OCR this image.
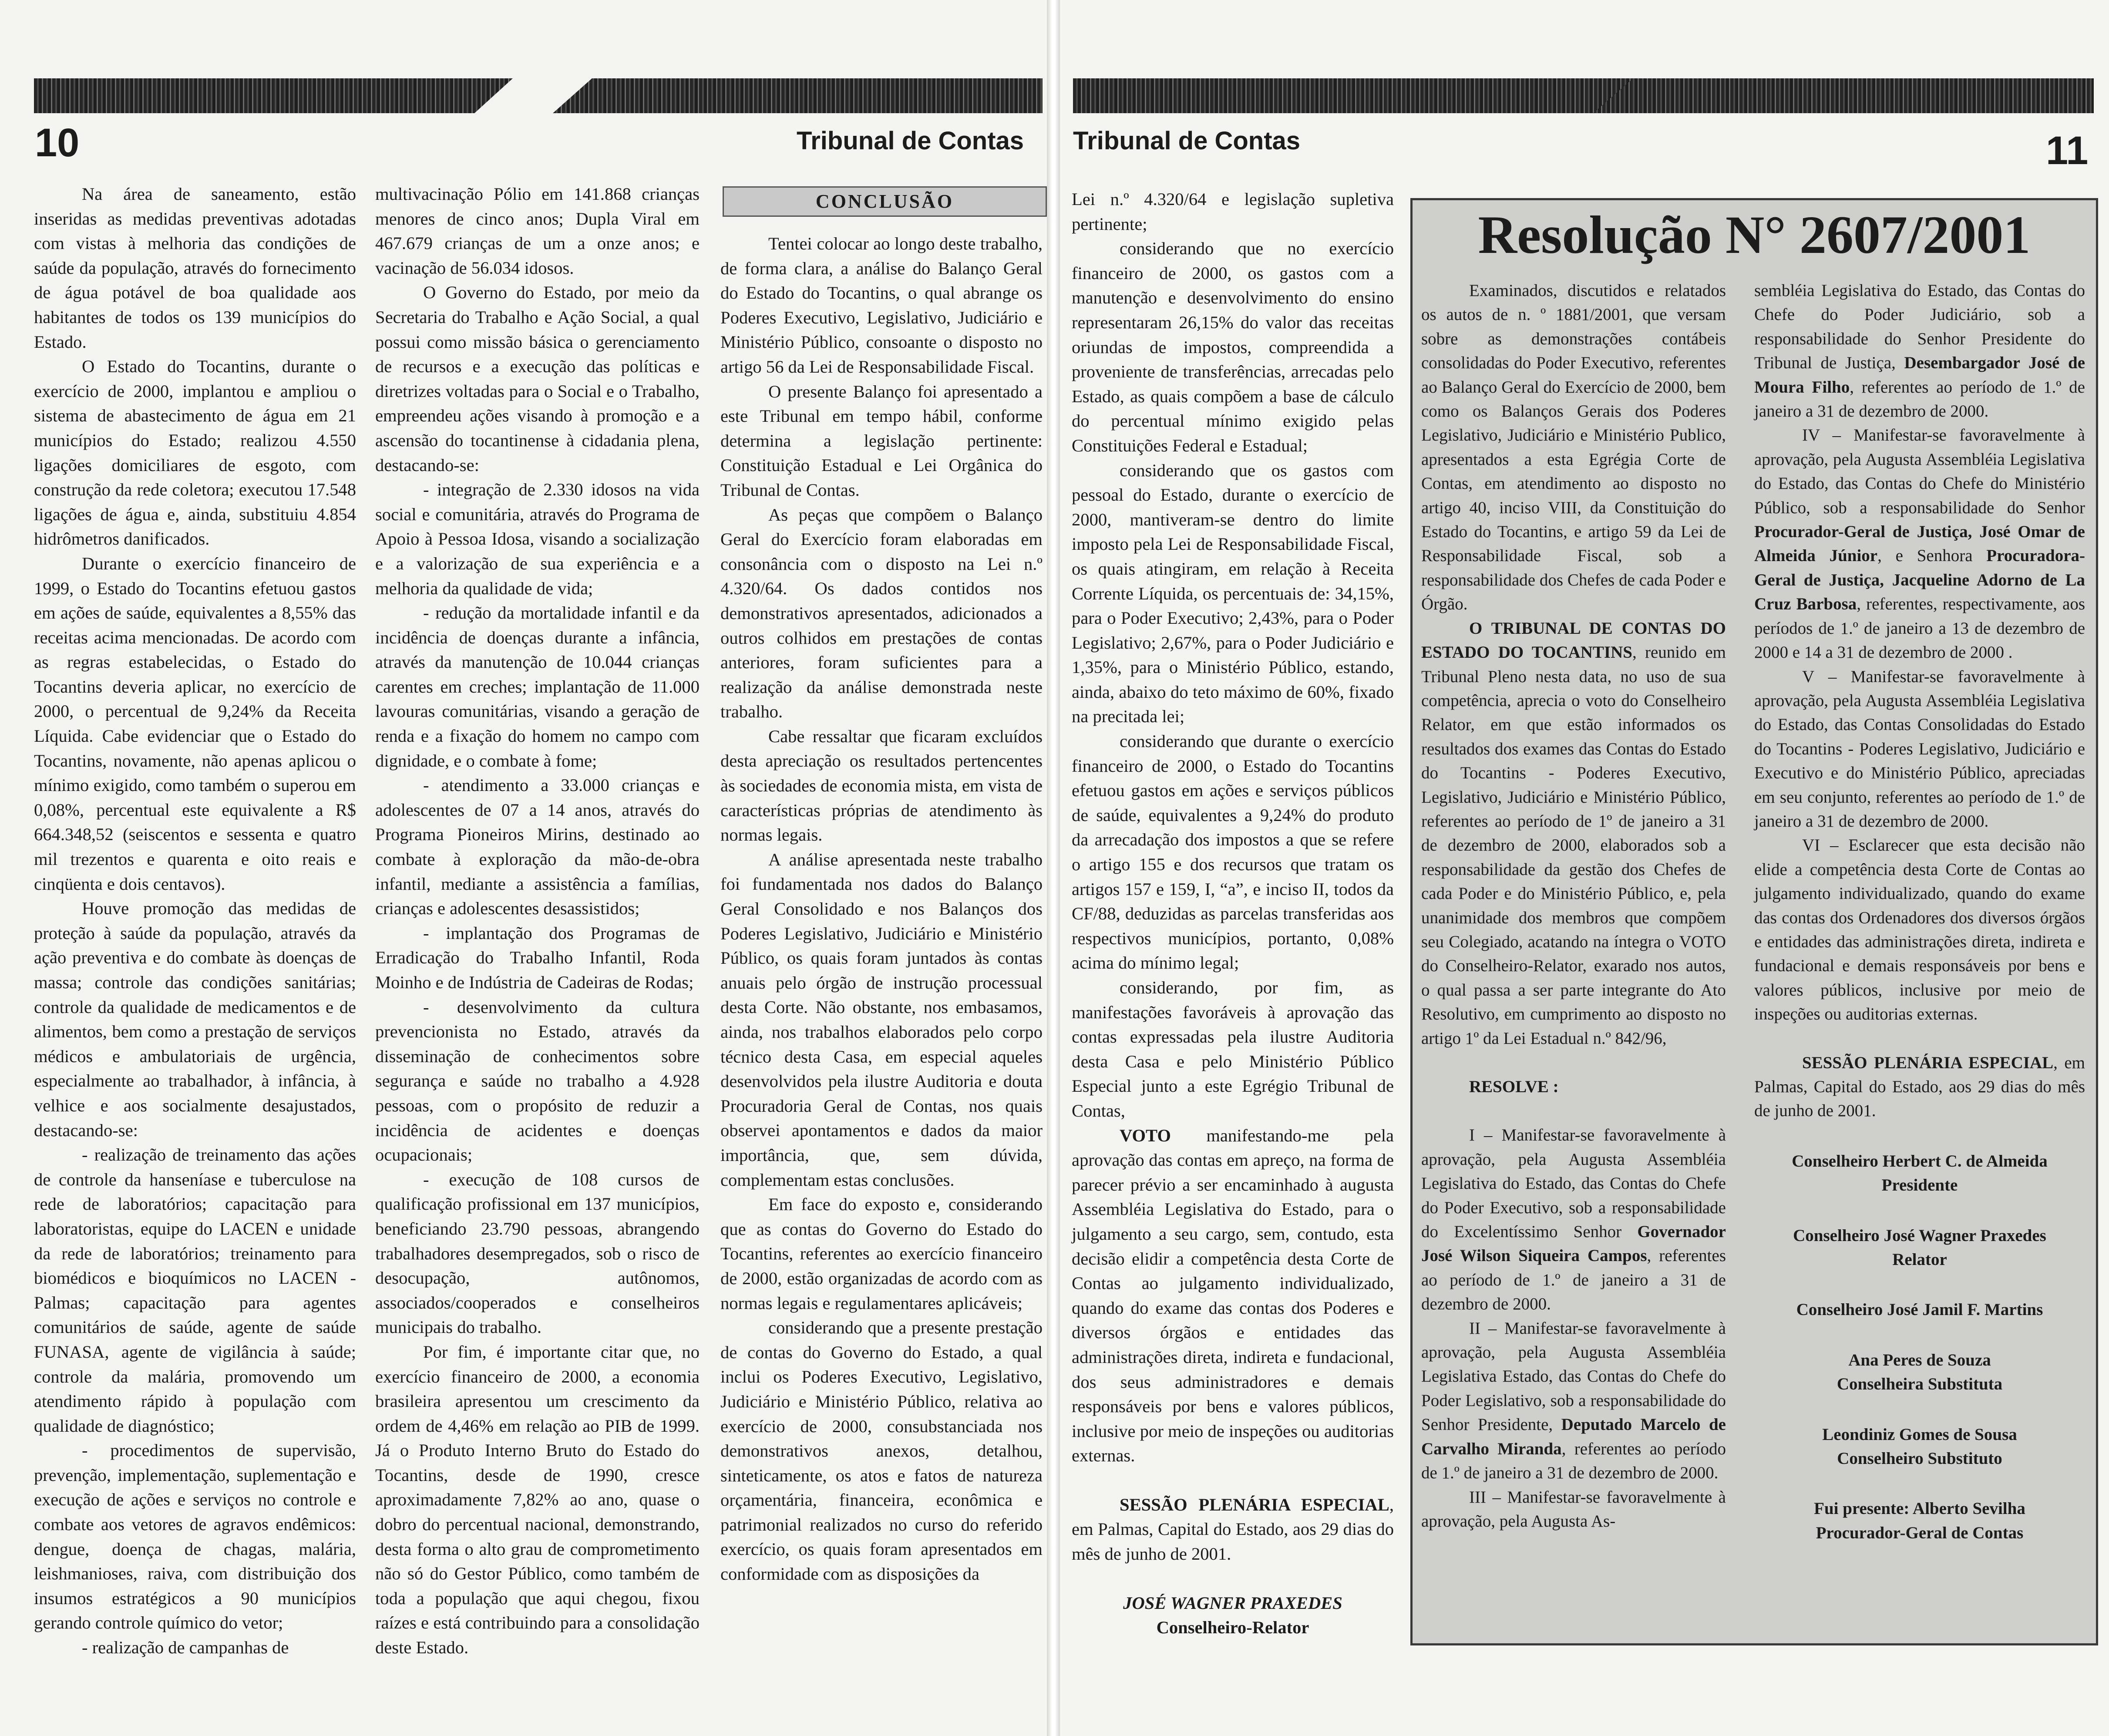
10	Tribunal de Contas

Na área de saneamento, estão inseridas as medidas preventivas adotadas com vistas à melhoria das condições de saúde da população, através do fornecimento de água potável de boa qualidade aos habitantes de todos os 139 municípios do Estado.

O Estado do Tocantins, durante o exercício de 2000, implantou e ampliou o sistema de abastecimento de água em 21 municípios do Estado; realizou 4.550 ligações domiciliares de esgoto, com construção da rede coletora; executou 17.548 ligações de água e, ainda, substituiu 4.854 hidrômetros danificados.

Durante o exercício financeiro de 1999, o Estado do Tocantins efetuou gastos em ações de saúde, equivalentes a 8,55% das receitas acima mencionadas. De acordo com as regras estabelecidas, o Estado do Tocantins deveria aplicar, no exercício de 2000, o percentual de 9,24% da Receita Líquida. Cabe evidenciar que o Estado do Tocantins, novamente, não apenas aplicou o mínimo exigido, como também o superou em 0,08%, percentual este equivalente a R$ 664.348,52 (seiscentos e sessenta e quatro mil trezentos e quarenta e oito reais e cinqüenta e dois centavos).

Houve promoção das medidas de proteção à saúde da população, através da ação preventiva e do combate às doenças de massa; controle das condições sanitárias; controle da qualidade de medicamentos e de alimentos, bem como a prestação de serviços médicos e ambulatoriais de urgência, especialmente ao trabalhador, à infância, à velhice e aos socialmente desajustados, destacando-se:

- realização de treinamento das ações de controle da hanseníase e tuberculose na rede de laboratórios; capacitação para laboratoristas, equipe do LACEN e unidade da rede de laboratórios; treinamento para biomédicos e bioquímicos no LACEN - Palmas; capacitação para agentes comunitários de saúde, agente de saúde FUNASA, agente de vigilância à saúde; controle da malária, promovendo um atendimento rápido à população com qualidade de diagnóstico;

- procedimentos de supervisão, prevenção, implementação, suplementação e execução de ações e serviços no controle e combate aos vetores de agravos endêmicos: dengue, doença de chagas, malária, leishmanioses, raiva, com distribuição dos insumos estratégicos a 90 municípios gerando controle químico do vetor;

- realização de campanhas de

multivacinação Pólio em 141.868 crianças menores de cinco anos; Dupla Viral em 467.679 crianças de um a onze anos; e vacinação de 56.034 idosos.

O Governo do Estado, por meio da Secretaria do Trabalho e Ação Social, a qual possui como missão básica o gerenciamento de recursos e a execução das políticas e diretrizes voltadas para o Social e o Trabalho, empreendeu ações visando à promoção e a ascensão do tocantinense à cidadania plena, destacando-se:

- integração de 2.330 idosos na vida social e comunitária, através do Programa de Apoio à Pessoa Idosa, visando a socialização e a valorização de sua experiência e a melhoria da qualidade de vida;

- redução da mortalidade infantil e da incidência de doenças durante a infância, através da manutenção de 10.044 crianças carentes em creches; implantação de 11.000 lavouras comunitárias, visando a geração de renda e a fixação do homem no campo com dignidade, e o combate à fome;

- atendimento a 33.000 crianças e adolescentes de 07 a 14 anos, através do Programa Pioneiros Mirins, destinado ao combate à exploração da mão-de-obra infantil, mediante a assistência a famílias, crianças e adolescentes desassistidos;

- implantação dos Programas de Erradicação do Trabalho Infantil, Roda Moinho e de Indústria de Cadeiras de Rodas;

- desenvolvimento da cultura prevencionista no Estado, através da disseminação de conhecimentos sobre segurança e saúde no trabalho a 4.928 pessoas, com o propósito de reduzir a incidência de acidentes e doenças ocupacionais;

- execução de 108 cursos de qualificação profissional em 137 municípios, beneficiando 23.790 pessoas, abrangendo trabalhadores desempregados, sob o risco de desocupação, autônomos, associados/cooperados e conselheiros municipais do trabalho.

Por fim, é importante citar que, no exercício financeiro de 2000, a economia brasileira apresentou um crescimento da ordem de 4,46% em relação ao PIB de 1999. Já o Produto Interno Bruto do Estado do Tocantins, desde de 1990, cresce aproximadamente 7,82% ao ano, quase o dobro do percentual nacional, demonstrando, desta forma o alto grau de comprometimento não só do Gestor Público, como também de toda a população que aqui chegou, fixou raízes e está contribuindo para a consolidação deste Estado.

CONCLUSÃO

Tentei colocar ao longo deste trabalho, de forma clara, a análise do Balanço Geral do Estado do Tocantins, o qual abrange os Poderes Executivo, Legislativo, Judiciário e Ministério Público, consoante o disposto no artigo 56 da Lei de Responsabilidade Fiscal.

O presente Balanço foi apresentado a este Tribunal em tempo hábil, conforme determina a legislação pertinente: Constituição Estadual e Lei Orgânica do Tribunal de Contas.

As peças que compõem o Balanço Geral do Exercício foram elaboradas em consonância com o disposto na Lei n.º 4.320/64. Os dados contidos nos demonstrativos apresentados, adicionados a outros colhidos em prestações de contas anteriores, foram suficientes para a realização da análise demonstrada neste trabalho.

Cabe ressaltar que ficaram excluídos desta apreciação os resultados pertencentes às sociedades de economia mista, em vista de características próprias de atendimento às normas legais.

A análise apresentada neste trabalho foi fundamentada nos dados do Balanço Geral Consolidado e nos Balanços dos Poderes Legislativo, Judiciário e Ministério Público, os quais foram juntados às contas anuais pelo órgão de instrução processual desta Corte. Não obstante, nos embasamos, ainda, nos trabalhos elaborados pelo corpo técnico desta Casa, em especial aqueles desenvolvidos pela ilustre Auditoria e douta Procuradoria Geral de Contas, nos quais observei apontamentos e dados da maior importância, que, sem dúvida, complementam estas conclusões.

Em face do exposto e, considerando que as contas do Governo do Estado do Tocantins, referentes ao exercício financeiro de 2000, estão organizadas de acordo com as normas legais e regulamentares aplicáveis;

considerando que a presente prestação de contas do Governo do Estado, a qual inclui os Poderes Executivo, Legislativo, Judiciário e Ministério Público, relativa ao exercício de 2000, consubstanciada nos demonstrativos anexos, detalhou, sinteticamente, os atos e fatos de natureza orçamentária, financeira, econômica e patrimonial realizados no curso do referido exercício, os quais foram apresentados em conformidade com as disposições da

Tribunal de Contas	11

Lei n.º 4.320/64 e legislação supletiva pertinente;

considerando que no exercício financeiro de 2000, os gastos com a manutenção e desenvolvimento do ensino representaram 26,15% do valor das receitas oriundas de impostos, compreendida a proveniente de transferências, arrecadas pelo Estado, as quais compõem a base de cálculo do percentual mínimo exigido pelas Constituições Federal e Estadual;

considerando que os gastos com pessoal do Estado, durante o exercício de 2000, mantiveram-se dentro do limite imposto pela Lei de Responsabilidade Fiscal, os quais atingiram, em relação à Receita Corrente Líquida, os percentuais de: 34,15%, para o Poder Executivo; 2,43%, para o Poder Legislativo; 2,67%, para o Poder Judiciário e 1,35%, para o Ministério Público, estando, ainda, abaixo do teto máximo de 60%, fixado na precitada lei;

considerando que durante o exercício financeiro de 2000, o Estado do Tocantins efetuou gastos em ações e serviços públicos de saúde, equivalentes a 9,24% do produto da arrecadação dos impostos a que se refere o artigo 155 e dos recursos que tratam os artigos 157 e 159, I, “a”, e inciso II, todos da CF/88, deduzidas as parcelas transferidas aos respectivos municípios, portanto, 0,08% acima do mínimo legal;

considerando, por fim, as manifestações favoráveis à aprovação das contas expressadas pela ilustre Auditoria desta Casa e pelo Ministério Público Especial junto a este Egrégio Tribunal de Contas,

VOTO manifestando-me pela aprovação das contas em apreço, na forma de parecer prévio a ser encaminhado à augusta Assembléia Legislativa do Estado, para o julgamento a seu cargo, sem, contudo, esta decisão elidir a competência desta Corte de Contas ao julgamento individualizado, quando do exame das contas dos Poderes e diversos órgãos e entidades das administrações direta, indireta e fundacional, dos seus administradores e demais responsáveis por bens e valores públicos, inclusive por meio de inspeções ou auditorias externas.

SESSÃO PLENÁRIA ESPECIAL, em Palmas, Capital do Estado, aos 29 dias do mês de junho de 2001.

JOSÉ WAGNER PRAXEDES

Conselheiro-Relator

Resolução N° 2607/2001

Examinados, discutidos e relatados os autos de n. º 1881/2001, que versam sobre as demonstrações contábeis consolidadas do Poder Executivo, referentes ao Balanço Geral do Exercício de 2000, bem como os Balanços Gerais dos Poderes Legislativo, Judiciário e Ministério Publico, apresentados a esta Egrégia Corte de Contas, em atendimento ao disposto no artigo 40, inciso VIII, da Constituição do Estado do Tocantins, e artigo 59 da Lei de Responsabilidade Fiscal, sob a responsabilidade dos Chefes de cada Poder e Órgão.

O TRIBUNAL DE CONTAS DO ESTADO DO TOCANTINS, reunido em Tribunal Pleno nesta data, no uso de sua competência, aprecia o voto do Conselheiro Relator, em que estão informados os resultados dos exames das Contas do Estado do Tocantins - Poderes Executivo, Legislativo, Judiciário e Ministério Público, referentes ao período de 1º de janeiro a 31 de dezembro de 2000, elaborados sob a responsabilidade da gestão dos Chefes de cada Poder e do Ministério Público, e, pela unanimidade dos membros que compõem seu Colegiado, acatando na íntegra o VOTO do Conselheiro-Relator, exarado nos autos, o qual passa a ser parte integrante do Ato Resolutivo, em cumprimento ao disposto no artigo 1º da Lei Estadual n.º 842/96,

RESOLVE :

I – Manifestar-se favoravelmente à aprovação, pela Augusta Assembléia Legislativa do Estado, das Contas do Chefe do Poder Executivo, sob a responsabilidade do Excelentíssimo Senhor Governador José Wilson Siqueira Campos, referentes ao período de 1.º de janeiro a 31 de dezembro de 2000.

II – Manifestar-se favoravelmente à aprovação, pela Augusta Assembléia Legislativa Estado, das Contas do Chefe do Poder Legislativo, sob a responsabilidade do Senhor Presidente, Deputado Marcelo de Carvalho Miranda, referentes ao período de 1.º de janeiro a 31 de dezembro de 2000.

III – Manifestar-se favoravelmente à aprovação, pela Augusta As-

sembléia Legislativa do Estado, das Contas do Chefe do Poder Judiciário, sob a responsabilidade do Senhor Presidente do Tribunal de Justiça, Desembargador José de Moura Filho, referentes ao período de 1.º de janeiro a 31 de dezembro de 2000.

IV – Manifestar-se favoravelmente à aprovação, pela Augusta Assembléia Legislativa do Estado, das Contas do Chefe do Ministério Público, sob a responsabilidade do Senhor Procurador-Geral de Justiça, José Omar de Almeida Júnior, e Senhora Procuradora-Geral de Justiça, Jacqueline Adorno de La Cruz Barbosa, referentes, respectivamente, aos períodos de 1.º de janeiro a 13 de dezembro de 2000 e 14 a 31 de dezembro de 2000 .

V – Manifestar-se favoravelmente à aprovação, pela Augusta Assembléia Legislativa do Estado, das Contas Consolidadas do Estado do Tocantins - Poderes Legislativo, Judiciário e Executivo e do Ministério Público, apreciadas em seu conjunto, referentes ao período de 1.º de janeiro a 31 de dezembro de 2000.

VI – Esclarecer que esta decisão não elide a competência desta Corte de Contas ao julgamento individualizado, quando do exame das contas dos Ordenadores dos diversos órgãos e entidades das administrações direta, indireta e fundacional e demais responsáveis por bens e valores públicos, inclusive por meio de inspeções ou auditorias externas.

SESSÃO PLENÁRIA ESPECIAL, em Palmas, Capital do Estado, aos 29 dias do mês de junho de 2001.

Conselheiro Herbert C. de Almeida
Presidente
Conselheiro José Wagner Praxedes
Relator
Conselheiro José Jamil F. Martins
Ana Peres de Souza
Conselheira Substituta
Leondiniz Gomes de Sousa
Conselheiro Substituto
Fui presente: Alberto Sevilha
Procurador-Geral de Contas
